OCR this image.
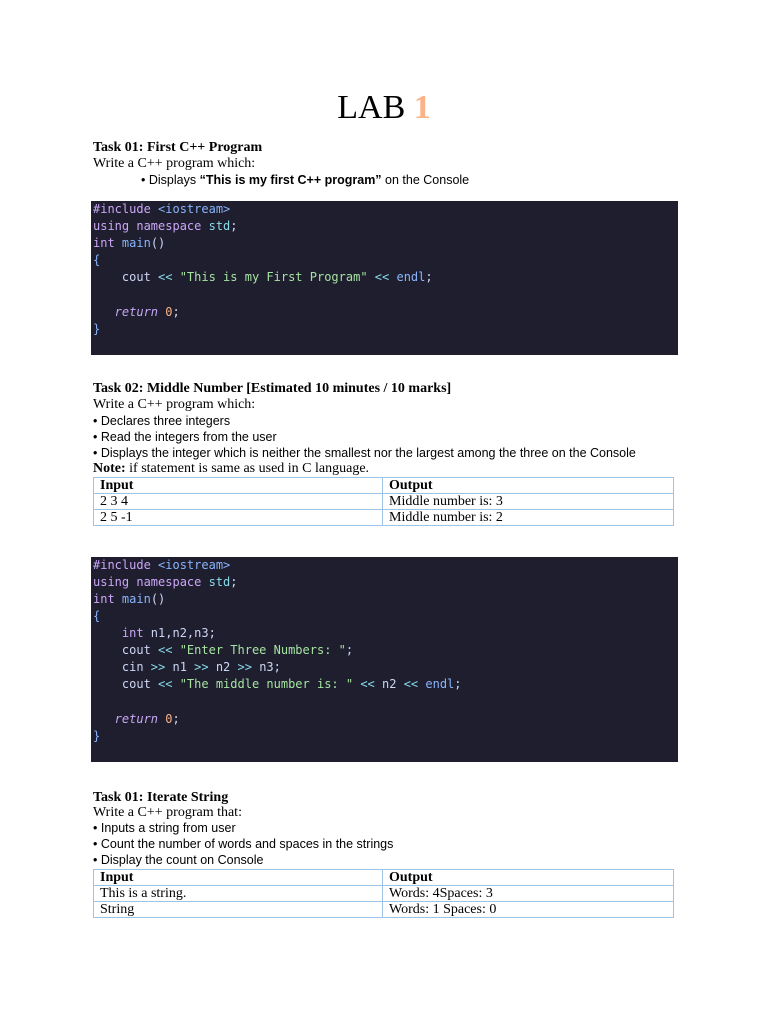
LAB 1
Task 01: First C++ Program
Write a C++ program which:
• Displays “This is my first C++ program” on the Console
#include <iostream>
using namespace std;
int main()
{
cout << "This is my First Program" << endl;
return 0;
}
Task 02: Middle Number [Estimated 10 minutes / 10 marks]
Write a C++ program which:
• Declares three integers
• Read the integers from the user
• Displays the integer which is neither the smallest nor the largest among the three on the Console
Note: if statement is same as used in C language.
Input	Output
2 3 4	Middle number is: 3
2 5 -1	Middle number is: 2
#include <iostream>
using namespace std;
int main()
{
int n1,n2,n3;
cout << "Enter Three Numbers: ";
cin >> n1 >> n2 >> n3;
cout << "The middle number is: " << n2 << endl;
return 0;
}
Task 01: Iterate String
Write a C++ program that:
• Inputs a string from user
• Count the number of words and spaces in the strings
• Display the count on Console
Input	Output
This is a string.	Words: 4Spaces: 3
String	Words: 1 Spaces: 0
